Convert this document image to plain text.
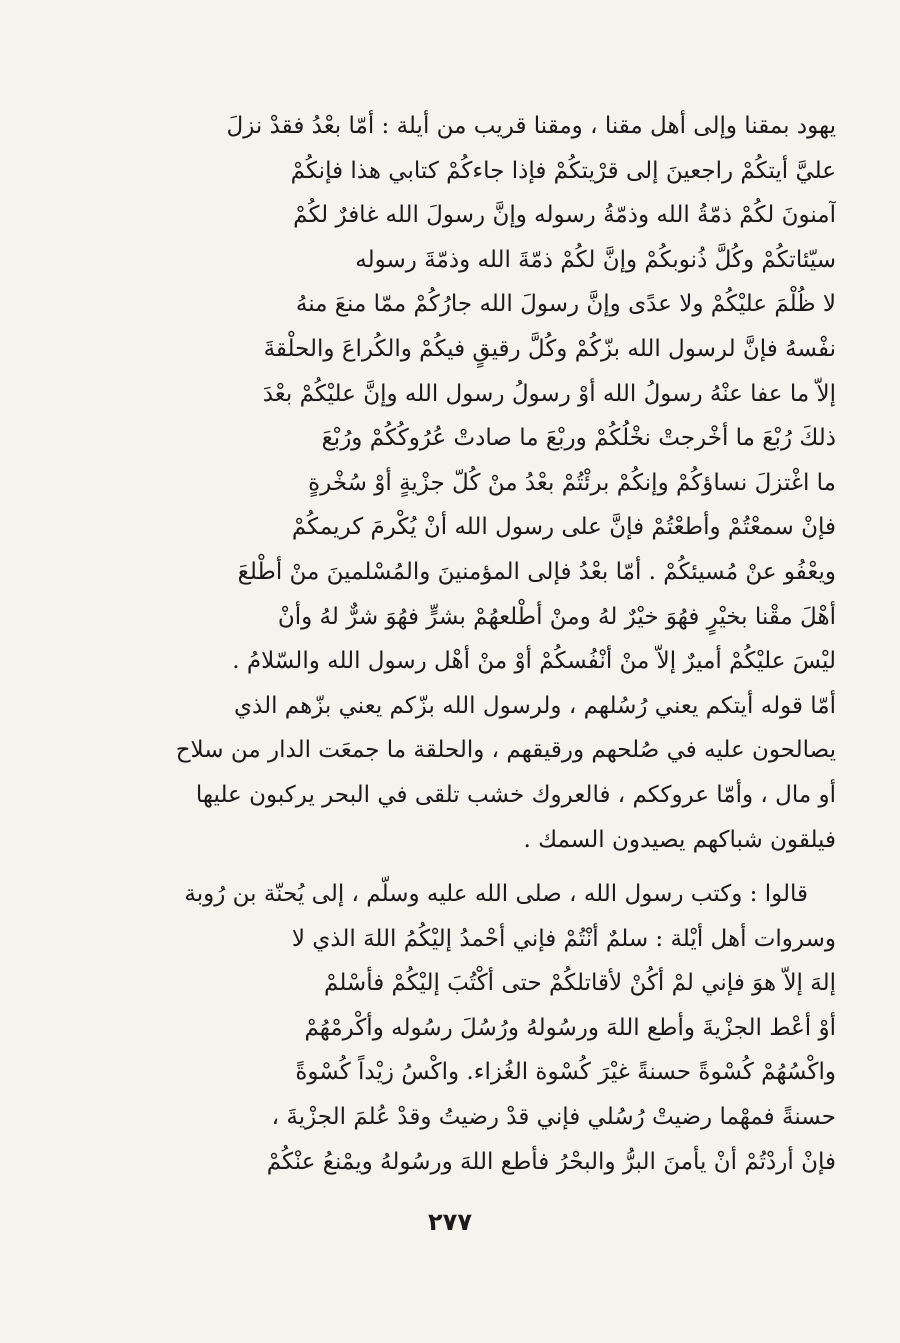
يهود بمقنا وإلى أهل مقنا ، ومقنا قريب من أيلة : أمّا بعْدُ فقدْ نزلَ
عليَّ أيتكُمْ راجعينَ إلى قرْيتكُمْ فإذا جاءكُمْ كتابي هذا فإنكُمْ
آمنونَ لكُمْ ذمّةُ الله وذمّةُ رسوله وإنَّ رسولَ الله غافرٌ لكُمْ
سيّئاتكُمْ وكُلَّ ذُنوبكُمْ وإنَّ لكُمْ ذمّةَ الله وذمّةَ رسوله
لا ظُلْمَ عليْكُمْ ولا عدًى وإنَّ رسولَ الله جارُكُمْ ممّا منعَ منهُ
نفْسهُ فإنَّ لرسول الله بزّكُمْ وكُلَّ رقيقٍ فيكُمْ والكُراعَ والحلْقةَ
إلاّ ما عفا عنْهُ رسولُ الله أوْ رسولُ رسول الله وإنَّ عليْكُمْ بعْدَ
ذلكَ رُبْعَ ما أخْرجتْ نخْلُكُمْ وربْعَ ما صادتْ عُرُوكُكُمْ ورُبْعَ
ما اغْتزلَ نساؤكُمْ وإنكُمْ برئْتُمْ بعْدُ منْ كُلّ جزْيةٍ أوْ سُخْرةٍ
فإنْ سمعْتُمْ وأطعْتُمْ فإنَّ على رسول الله أنْ يُكْرمَ كريمكُمْ
ويعْفُو عنْ مُسيئكُمْ . أمّا بعْدُ فإلى المؤمنينَ والمُسْلمينَ منْ أطْلعَ
أهْلَ مقْنا بخيْرٍ فهُوَ خيْرٌ لهُ ومنْ أطْلعهُمْ بشرٍّ فهُوَ شرٌّ لهُ وأنْ
ليْسَ عليْكُمْ أميرٌ إلاّ منْ أنْفُسكُمْ أوْ منْ أهْل رسول الله والسّلامُ .
أمّا قوله أيتكم يعني رُسُلهم ، ولرسول الله بزّكم يعني بزّهم الذي
يصالحون عليه في صُلحهم ورقيقهم ، والحلقة ما جمعَت الدار من سلاح
أو مال ، وأمّا عروككم ، فالعروك خشب تلقى في البحر يركبون عليها
فيلقون شباكهم يصيدون السمك .
قالوا : وكتب رسول الله ، صلى الله عليه وسلّم ، إلى يُحنّة بن رُوبة
وسروات أهل أيْلة : سلمٌ أنْتُمْ فإني أحْمدُ إليْكُمُ اللهَ الذي لا
إلهَ إلاّ هوَ فإني لمْ أكُنْ لأقاتلكُمْ حتى أكْتُبَ إليْكُمْ فأسْلمْ
أوْ أعْط الجزْيةَ وأطع اللهَ ورسُولهُ ورُسُلَ رسُوله وأكْرمْهُمْ
واكْسُهُمْ كُسْوةً حسنةً غيْرَ كُسْوة الغُزاء. واكْسُ زيْداً كُسْوةً
حسنةً فمهْما رضيتْ رُسُلي فإني قدْ رضيتُ وقدْ عُلمَ الجزْيةَ ،
فإنْ أردْتُمْ أنْ يأمنَ البرُّ والبحْرُ فأطع اللهَ ورسُولهُ ويمْنعُ عنْكُمْ
٢٧٧
